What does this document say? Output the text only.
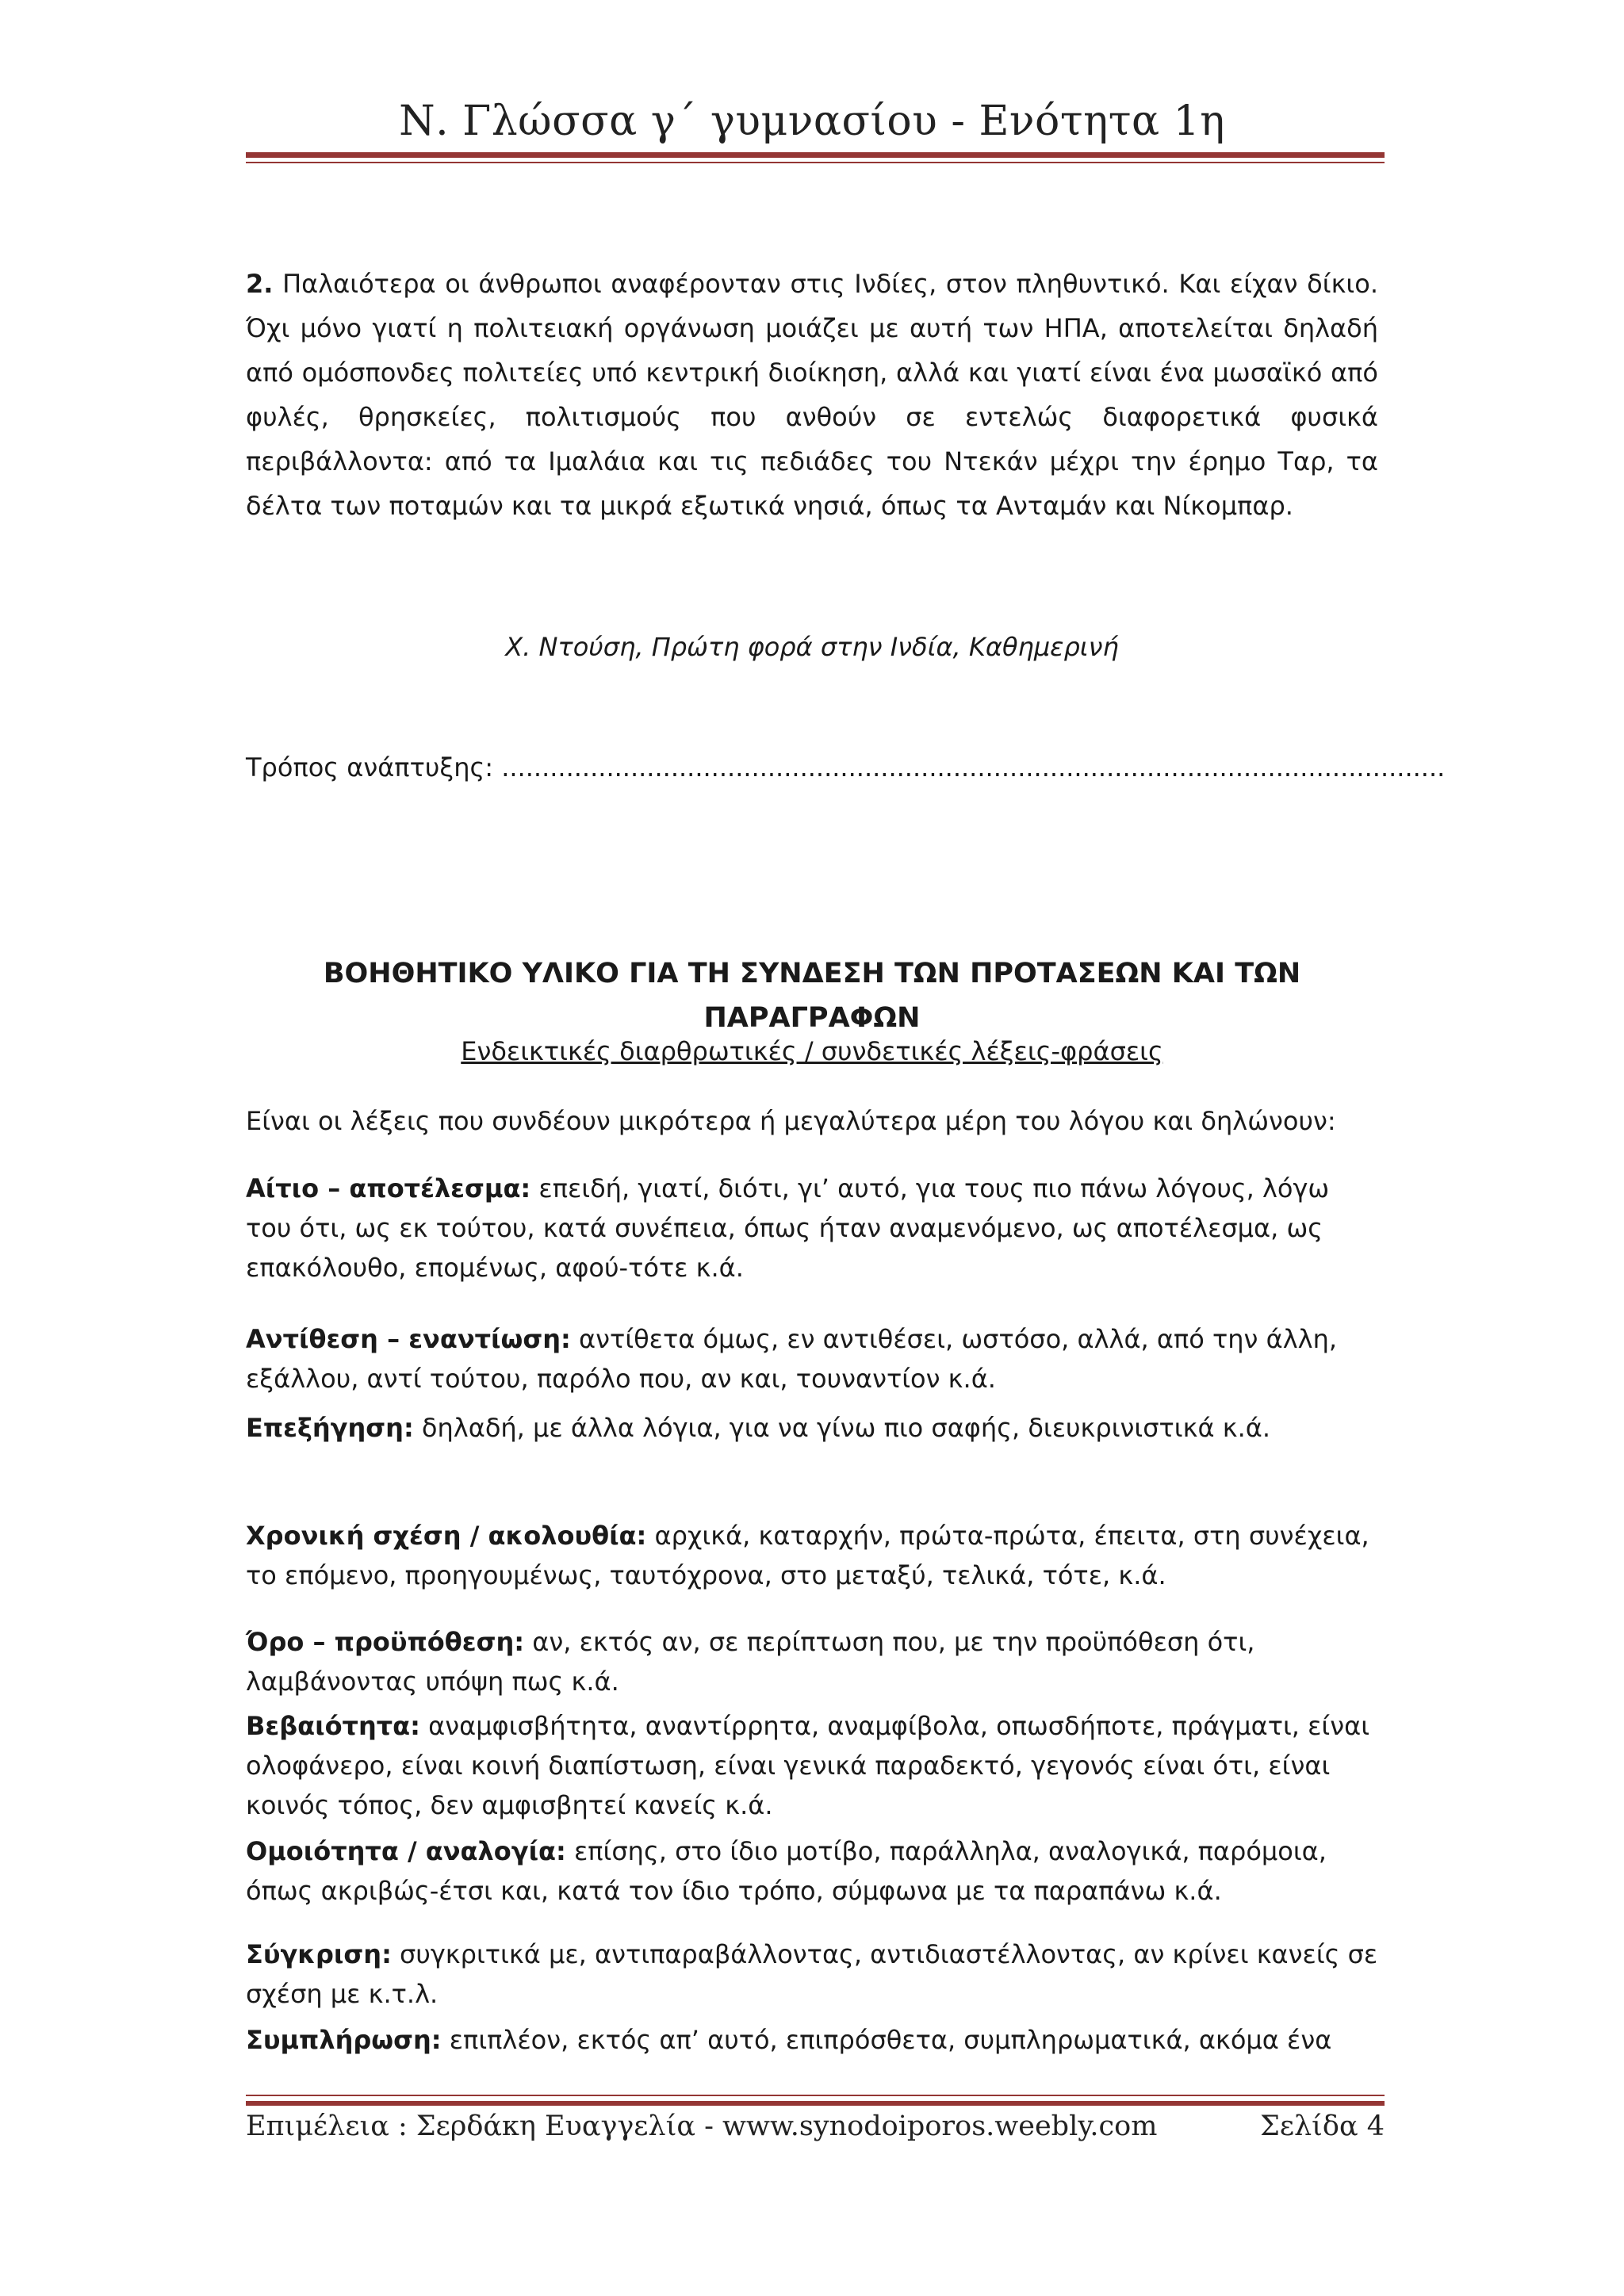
Ν. Γλώσσα γ΄ γυμνασίου - Ενότητα 1η

2. Παλαιότερα οι άνθρωποι αναφέρονταν στις Ινδίες, στον πληθυντικό. Και είχαν δίκιο. Όχι μόνο γιατί η πολιτειακή οργάνωση μοιάζει με αυτή των ΗΠΑ, αποτελείται δηλαδή από ομόσπονδες πολιτείες υπό κεντρική διοίκηση, αλλά και γιατί είναι ένα μωσαϊκό από φυλές, θρησκείες, πολιτισμούς που ανθούν σε εντελώς διαφορετικά φυσικά περιβάλλοντα: από τα Ιμαλάια και τις πεδιάδες του Ντεκάν μέχρι την έρημο Ταρ, τα δέλτα των ποταμών και τα μικρά εξωτικά νησιά, όπως τα Ανταμάν και Νίκομπαρ.

Χ. Ντούση, Πρώτη φορά στην Ινδία, Καθημερινή

Τρόπος ανάπτυξης: .....................................................................................................................

ΒΟΗΘΗΤΙΚΟ ΥΛΙΚΟ ΓΙΑ ΤΗ ΣΥΝΔΕΣΗ ΤΩΝ ΠΡΟΤΑΣΕΩΝ ΚΑΙ ΤΩΝ ΠΑΡΑΓΡΑΦΩΝ

Ενδεικτικές διαρθρωτικές / συνδετικές λέξεις-φράσεις

Είναι οι λέξεις που συνδέουν μικρότερα ή μεγαλύτερα μέρη του λόγου και δηλώνουν:

Αίτιο – αποτέλεσμα: επειδή, γιατί, διότι, γι’ αυτό, για τους πιο πάνω λόγους, λόγω του ότι, ως εκ τούτου, κατά συνέπεια, όπως ήταν αναμενόμενο, ως αποτέλεσμα, ως επακόλουθο, επομένως, αφού-τότε κ.ά.

Αντίθεση – εναντίωση: αντίθετα όμως, εν αντιθέσει, ωστόσο, αλλά, από την άλλη, εξάλλου, αντί τούτου, παρόλο που, αν και, τουναντίον κ.ά.

Επεξήγηση: δηλαδή, με άλλα λόγια, για να γίνω πιο σαφής, διευκρινιστικά κ.ά.

Χρονική σχέση / ακολουθία: αρχικά, καταρχήν, πρώτα-πρώτα, έπειτα, στη συνέχεια, το επόμενο, προηγουμένως, ταυτόχρονα, στο μεταξύ, τελικά, τότε, κ.ά.

Όρο – προϋπόθεση: αν, εκτός αν, σε περίπτωση που, με την προϋπόθεση ότι, λαμβάνοντας υπόψη πως κ.ά.

Βεβαιότητα: αναμφισβήτητα, αναντίρρητα, αναμφίβολα, οπωσδήποτε, πράγματι, είναι ολοφάνερο, είναι κοινή διαπίστωση, είναι γενικά παραδεκτό, γεγονός είναι ότι, είναι κοινός τόπος, δεν αμφισβητεί κανείς κ.ά.

Ομοιότητα / αναλογία: επίσης, στο ίδιο μοτίβο, παράλληλα, αναλογικά, παρόμοια, όπως ακριβώς-έτσι και, κατά τον ίδιο τρόπο, σύμφωνα με τα παραπάνω κ.ά.

Σύγκριση: συγκριτικά με, αντιπαραβάλλοντας, αντιδιαστέλλοντας, αν κρίνει κανείς σε σχέση με κ.τ.λ.

Συμπλήρωση: επιπλέον, εκτός απ’ αυτό, επιπρόσθετα, συμπληρωματικά, ακόμα ένα

Επιμέλεια : Σερδάκη Ευαγγελία - www.synodoiporos.weebly.com	Σελίδα 4
